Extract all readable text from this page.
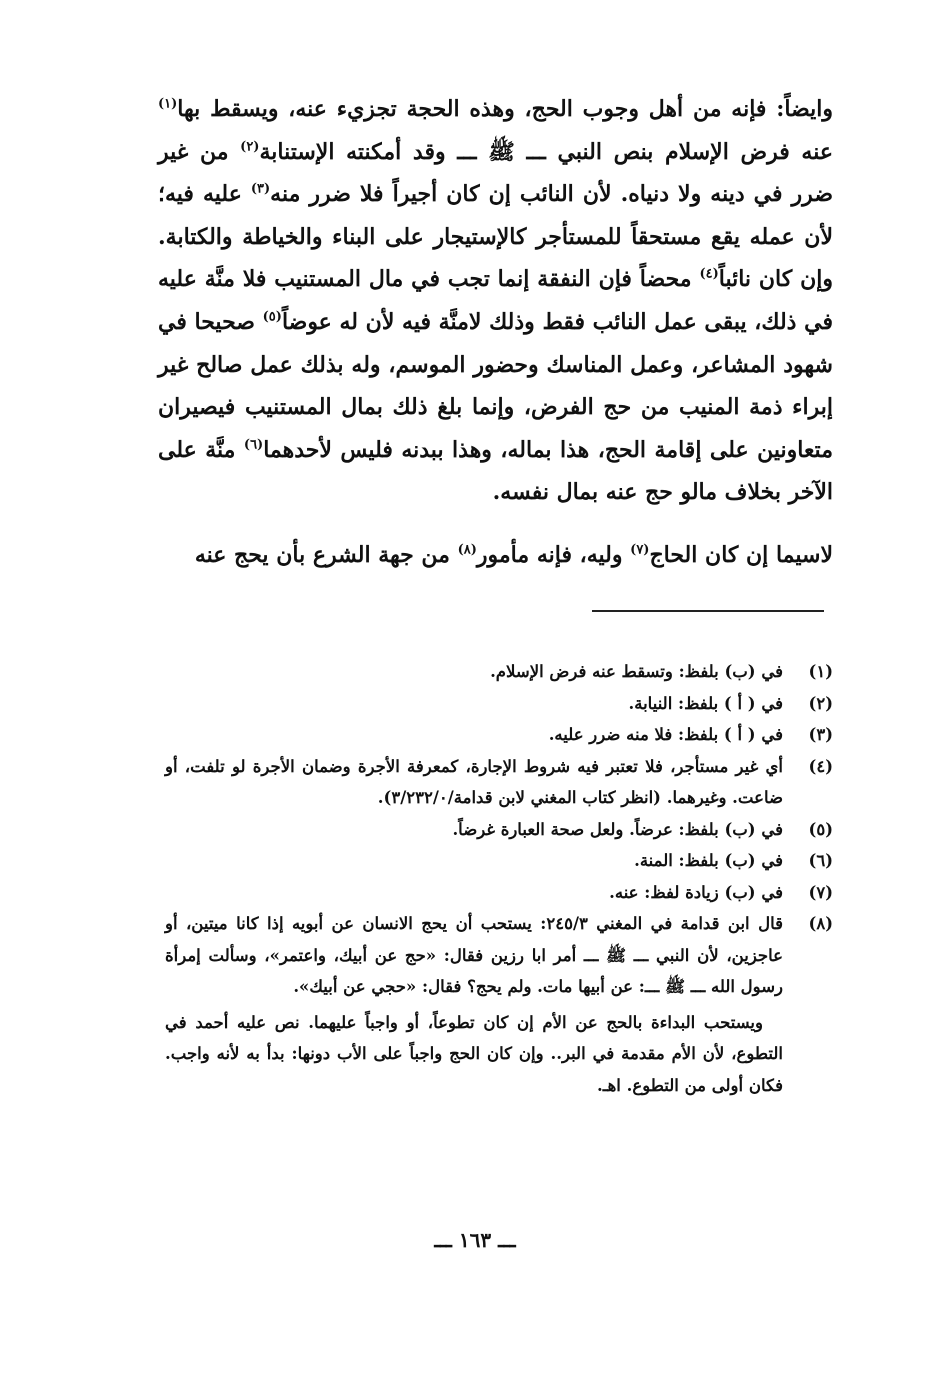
وايضاً: فإنه من أهل وجوب الحج، وهذه الحجة تجزيء عنه، ويسقط بها$^{(١)}$ عنه فرض الإسلام بنص النبي ـــ ﷺ ـــ وقد أمكنته الإستنابة$^{(٢)}$ من غير ضرر في دينه ولا دنياه. لأن النائب إن كان أجيراً فلا ضرر منه$^{(٣)}$ عليه فيه؛ لأن عمله يقع مستحقاً للمستأجر كالإستيجار على البناء والخياطة والكتابة. وإن كان نائباً$^{(٤)}$ محضاً فإن النفقة إنما تجب في مال المستنيب فلا منَّة عليه في ذلك، يبقى عمل النائب فقط وذلك لامنَّة فيه لأن له عوضاً$^{(٥)}$ صحيحا في شهود المشاعر، وعمل المناسك وحضور الموسم، وله بذلك عمل صالح غير إبراء ذمة المنيب من حج الفرض، وإنما بلغ ذلك بمال المستنيب فيصيران متعاونين على إقامة الحج، هذا بماله، وهذا ببدنه فليس لأحدهما$^{(٦)}$ منَّة على الآخر بخلاف مالو حج عنه بمال نفسه.

لاسيما إن كان الحاج$^{(٧)}$ وليه، فإنه مأمور$^{(٨)}$ من جهة الشرع بأن يحج عنه

(١)
في (ب) بلفظ: وتسقط عنه فرض الإسلام.
(٢)
في ( أ ) بلفظ: النيابة.
(٣)
في ( أ ) بلفظ: فلا منه ضرر عليه.
(٤)
أي غير مستأجر، فلا تعتبر فيه شروط الإجارة، كمعرفة الأجرة وضمان الأجرة لو تلفت، أو ضاعت. وغيرهما. (انظر كتاب المغني لابن قدامة/٣/٢٣٢/٠).
(٥)
في (ب) بلفظ: عرضاً. ولعل صحة العبارة غرضاً.
(٦)
في (ب) بلفظ: المنة.
(٧)
في (ب) زيادة لفظ: عنه.
(٨)
قال ابن قدامة في المغني ٢٤٥/٣: يستحب أن يحج الانسان عن أبويه إذا كانا ميتين، أو عاجزين، لأن النبي ـــ ﷺ ـــ أمر ابا رزين فقال: «حج عن أبيك، واعتمر»، وسألت إمرأة رسول الله ـــ ﷺ ـــ: عن أبيها مات. ولم يحج؟ فقال: «حجي عن أبيك».
ويستحب البداءة بالحج عن الأم إن كان تطوعاً، أو واجباً عليهما. نص عليه أحمد في التطوع، لأن الأم مقدمة في البر.. وإن كان الحج واجباً على الأب دونها: بدأ به لأنه واجب. فكان أولى من التطوع. اهـ.
ـــ ١٦٣ ـــ
